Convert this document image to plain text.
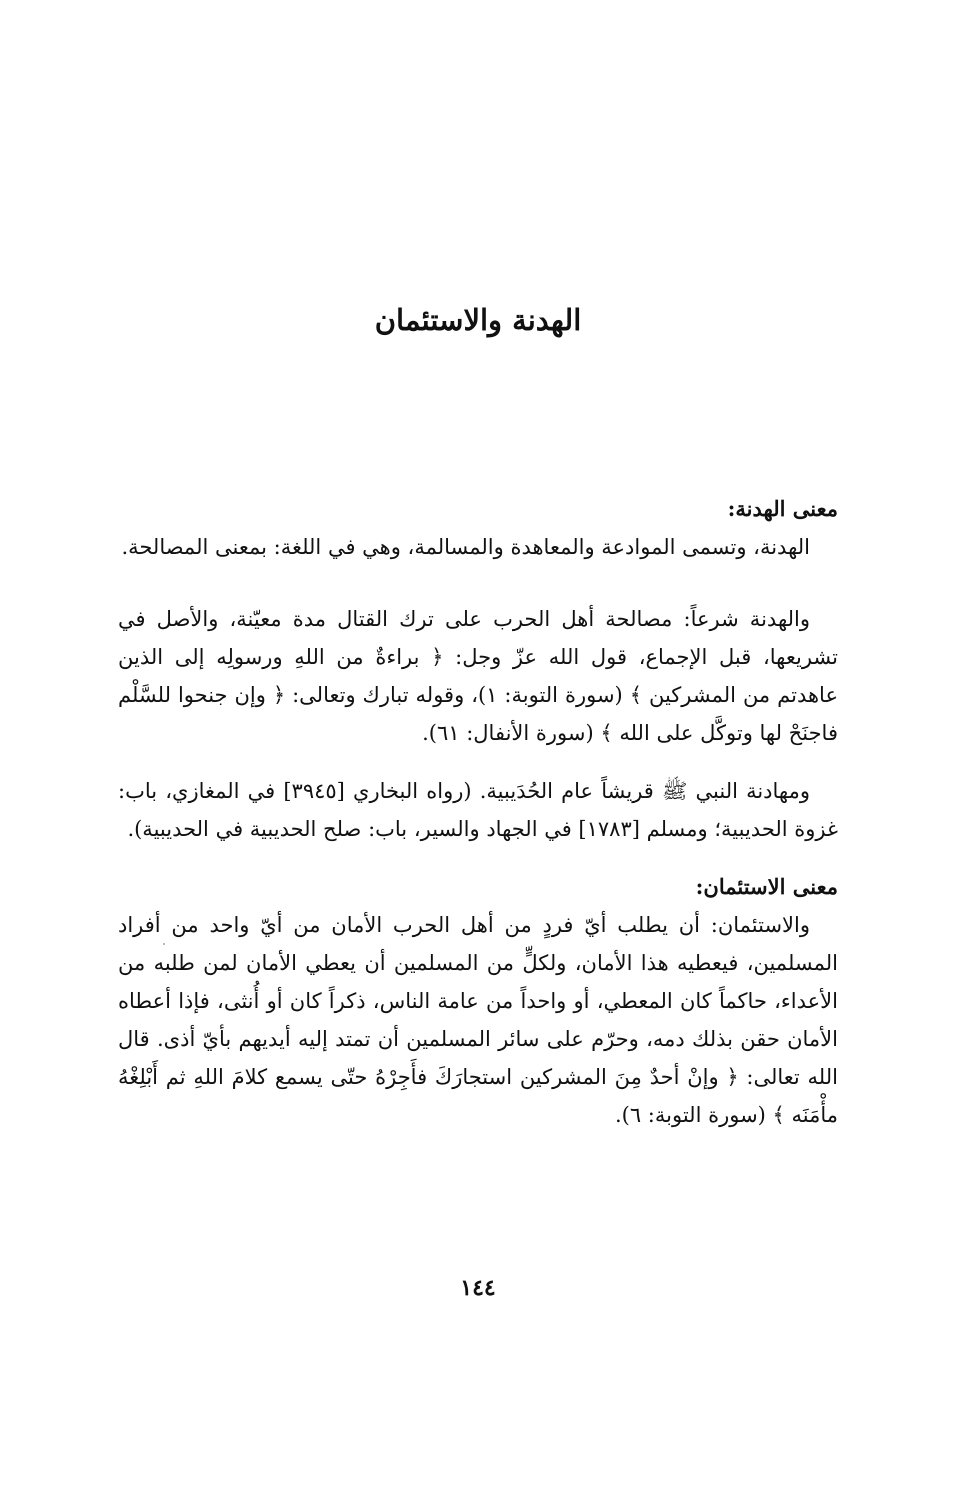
الهدنة والاستئمان
معنى الهدنة:

الهدنة، وتسمى الموادعة والمعاهدة والمسالمة، وهي في اللغة: بمعنى المصالحة.

والهدنة شرعاً: مصالحة أهل الحرب على ترك القتال مدة معيّنة، والأصل في تشريعها، قبل الإجماع، قول الله عزّ وجل: ﴿ براءةٌ من اللهِ ورسولِه إلى الذين عاهدتم من المشركين ﴾ (سورة التوبة: ١)، وقوله تبارك وتعالى: ﴿ وإن جنحوا للسَّلْم فاجنَحْ لها وتوكَّل على الله ﴾ (سورة الأنفال: ٦١).

ومهادنة النبي ﷺ قريشاً عام الحُدَيبية. (رواه البخاري [٣٩٤٥] في المغازي، باب: غزوة الحديبية؛ ومسلم [١٧٨٣] في الجهاد والسير، باب: صلح الحديبية في الحديبية).

معنى الاستئمان:

والاستئمان: أن يطلب أيّ فردٍ من أهل الحرب الأمان من أيّ واحد من أفراد المسلمين، فيعطيه هذا الأمان، ولكلٍّ من المسلمين أن يعطي الأمان لمن طلبه من الأعداء، حاكماً كان المعطي، أو واحداً من عامة الناس، ذكراً كان أو أُنثى، فإذا أعطاه الأمان حقن بذلك دمه، وحرّم على سائر المسلمين أن تمتد إليه أيديهم بأيّ أذى. قال الله تعالى: ﴿ وإنْ أحدٌ مِنَ المشركين استجارَكَ فأَجِرْهُ حتّى يسمع كلامَ اللهِ ثم أَبْلِغْهُ مأْمَنَه ﴾ (سورة التوبة: ٦).

١٤٤
